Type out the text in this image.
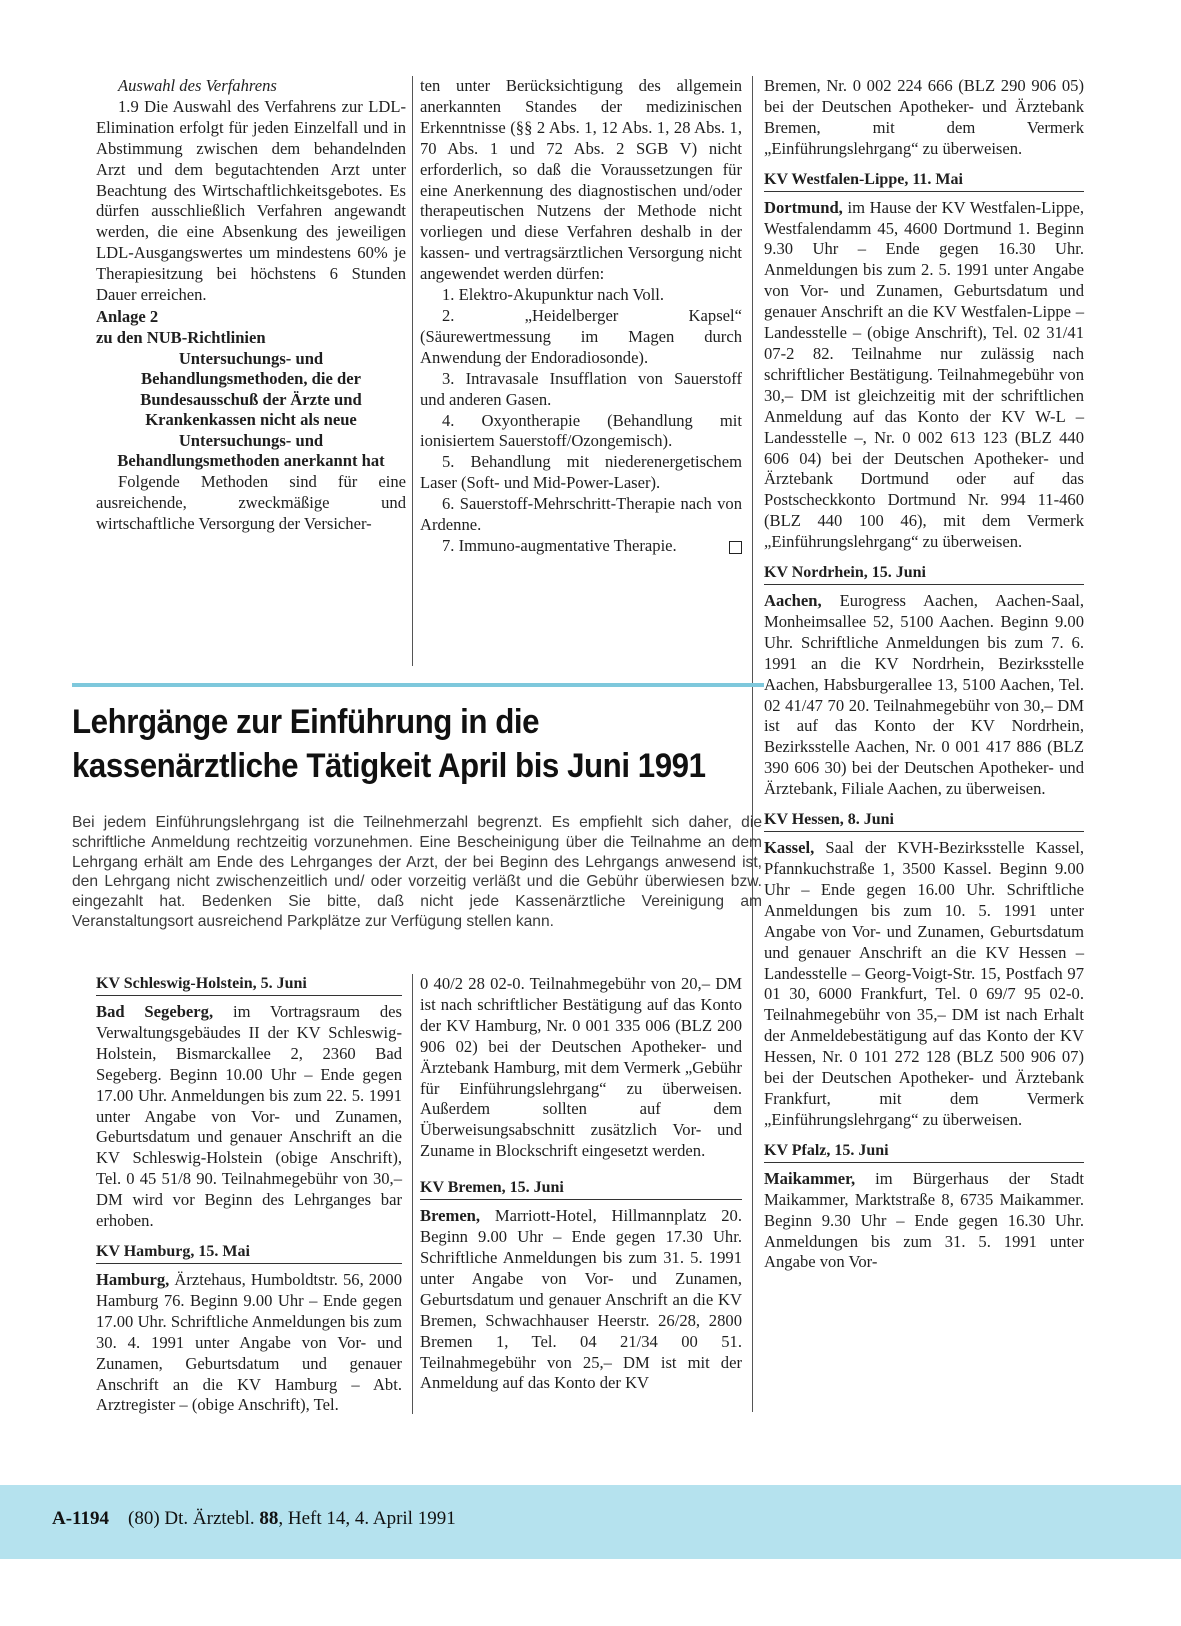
Auswahl des Verfahrens

1.9 Die Auswahl des Verfahrens zur LDL-Elimination erfolgt für jeden Einzelfall und in Abstimmung zwischen dem behandelnden Arzt und dem begutachtenden Arzt unter Beachtung des Wirtschaftlichkeitsgebotes. Es dürfen ausschließlich Verfahren angewandt werden, die eine Absenkung des jeweiligen LDL-Ausgangswertes um mindestens 60% je Therapiesitzung bei höchstens 6 Stunden Dauer erreichen.

Anlage 2

zu den NUB-Richtlinien

Untersuchungs- und Behandlungsmethoden, die der Bundesausschuß der Ärzte und Krankenkassen nicht als neue Untersuchungs- und Behandlungsmethoden anerkannt hat

Folgende Methoden sind für eine ausreichende, zweckmäßige und wirtschaftliche Versorgung der Versicher-

ten unter Berücksichtigung des allgemein anerkannten Standes der medizinischen Erkenntnisse (§§ 2 Abs. 1, 12 Abs. 1, 28 Abs. 1, 70 Abs. 1 und 72 Abs. 2 SGB V) nicht erforderlich, so daß die Voraussetzungen für eine Anerkennung des diagnostischen und/oder therapeutischen Nutzens der Methode nicht vorliegen und diese Verfahren deshalb in der kassen- und vertragsärztlichen Versorgung nicht angewendet werden dürfen:

1. Elektro-Akupunktur nach Voll.

2. „Heidelberger Kapsel“ (Säurewertmessung im Magen durch Anwendung der Endoradiosonde).

3. Intravasale Insufflation von Sauerstoff und anderen Gasen.

4. Oxyontherapie (Behandlung mit ionisiertem Sauerstoff/Ozongemisch).

5. Behandlung mit niederenergetischem Laser (Soft- und Mid-Power-Laser).

6. Sauerstoff-Mehrschritt-Therapie nach von Ardenne.

7. Immuno-augmentative Therapie.

Lehrgänge zur Einführung in die
kassenärztliche Tätigkeit April bis Juni 1991
Bei jedem Einführungslehrgang ist die Teilnehmerzahl begrenzt. Es empfiehlt sich daher, die schriftliche Anmeldung rechtzeitig vorzunehmen. Eine Bescheinigung über die Teilnahme an dem Lehrgang erhält am Ende des Lehrganges der Arzt, der bei Beginn des Lehrgangs anwesend ist, den Lehrgang nicht zwischenzeitlich und/ oder vorzeitig verläßt und die Gebühr überwiesen bzw. eingezahlt hat. Bedenken Sie bitte, daß nicht jede Kassenärztliche Vereinigung am Veranstaltungsort ausreichend Parkplätze zur Verfügung stellen kann.
KV Schleswig-Holstein, 5. Juni

Bad Segeberg, im Vortragsraum des Verwaltungsgebäudes II der KV Schleswig-Holstein, Bismarckallee 2, 2360 Bad Segeberg. Beginn 10.00 Uhr – Ende gegen 17.00 Uhr. Anmeldungen bis zum 22. 5. 1991 unter Angabe von Vor- und Zunamen, Geburtsdatum und genauer Anschrift an die KV Schleswig-Holstein (obige Anschrift), Tel. 0 45 51/8 90. Teilnahmegebühr von 30,– DM wird vor Beginn des Lehrganges bar erhoben.

KV Hamburg, 15. Mai

Hamburg, Ärztehaus, Humboldtstr. 56, 2000 Hamburg 76. Beginn 9.00 Uhr – Ende gegen 17.00 Uhr. Schriftliche Anmeldungen bis zum 30. 4. 1991 unter Angabe von Vor- und Zunamen, Geburtsdatum und genauer Anschrift an die KV Hamburg – Abt. Arztregister – (obige Anschrift), Tel.

0 40/2 28 02-0. Teilnahmegebühr von 20,– DM ist nach schriftlicher Bestätigung auf das Konto der KV Hamburg, Nr. 0 001 335 006 (BLZ 200 906 02) bei der Deutschen Apotheker- und Ärztebank Hamburg, mit dem Vermerk „Gebühr für Einführungslehrgang“ zu überweisen. Außerdem sollten auf dem Überweisungsabschnitt zusätzlich Vor- und Zuname in Blockschrift eingesetzt werden.

KV Bremen, 15. Juni

Bremen, Marriott-Hotel, Hillmannplatz 20. Beginn 9.00 Uhr – Ende gegen 17.30 Uhr. Schriftliche Anmeldungen bis zum 31. 5. 1991 unter Angabe von Vor- und Zunamen, Geburtsdatum und genauer Anschrift an die KV Bremen, Schwachhauser Heerstr. 26/28, 2800 Bremen 1, Tel. 04 21/34 00 51. Teilnahmegebühr von 25,– DM ist mit der Anmeldung auf das Konto der KV

Bremen, Nr. 0 002 224 666 (BLZ 290 906 05) bei der Deutschen Apotheker- und Ärztebank Bremen, mit dem Vermerk „Einführungslehrgang“ zu überweisen.

KV Westfalen-Lippe, 11. Mai

Dortmund, im Hause der KV Westfalen-Lippe, Westfalendamm 45, 4600 Dortmund 1. Beginn 9.30 Uhr – Ende gegen 16.30 Uhr. Anmeldungen bis zum 2. 5. 1991 unter Angabe von Vor- und Zunamen, Geburtsdatum und genauer Anschrift an die KV Westfalen-Lippe – Landesstelle – (obige Anschrift), Tel. 02 31/41 07-2 82. Teilnahme nur zulässig nach schriftlicher Bestätigung. Teilnahmegebühr von 30,– DM ist gleichzeitig mit der schriftlichen Anmeldung auf das Konto der KV W-L – Landesstelle –, Nr. 0 002 613 123 (BLZ 440 606 04) bei der Deutschen Apotheker- und Ärztebank Dortmund oder auf das Postscheckkonto Dortmund Nr. 994 11-460 (BLZ 440 100 46), mit dem Vermerk „Einführungslehrgang“ zu überweisen.

KV Nordrhein, 15. Juni

Aachen, Eurogress Aachen, Aachen-Saal, Monheimsallee 52, 5100 Aachen. Beginn 9.00 Uhr. Schriftliche Anmeldungen bis zum 7. 6. 1991 an die KV Nordrhein, Bezirksstelle Aachen, Habsburgerallee 13, 5100 Aachen, Tel. 02 41/47 70 20. Teilnahmegebühr von 30,– DM ist auf das Konto der KV Nordrhein, Bezirksstelle Aachen, Nr. 0 001 417 886 (BLZ 390 606 30) bei der Deutschen Apotheker- und Ärztebank, Filiale Aachen, zu überweisen.

KV Hessen, 8. Juni

Kassel, Saal der KVH-Bezirksstelle Kassel, Pfannkuchstraße 1, 3500 Kassel. Beginn 9.00 Uhr – Ende gegen 16.00 Uhr. Schriftliche Anmeldungen bis zum 10. 5. 1991 unter Angabe von Vor- und Zunamen, Geburtsdatum und genauer Anschrift an die KV Hessen – Landesstelle – Georg-Voigt-Str. 15, Postfach 97 01 30, 6000 Frankfurt, Tel. 0 69/7 95 02-0. Teilnahmegebühr von 35,– DM ist nach Erhalt der Anmeldebestätigung auf das Konto der KV Hessen, Nr. 0 101 272 128 (BLZ 500 906 07) bei der Deutschen Apotheker- und Ärztebank Frankfurt, mit dem Vermerk „Einführungslehrgang“ zu überweisen.

KV Pfalz, 15. Juni

Maikammer, im Bürgerhaus der Stadt Maikammer, Marktstraße 8, 6735 Maikammer. Beginn 9.30 Uhr – Ende gegen 16.30 Uhr. Anmeldungen bis zum 31. 5. 1991 unter Angabe von Vor-

A-1194 (80) Dt. Ärztebl. 88, Heft 14, 4. April 1991
